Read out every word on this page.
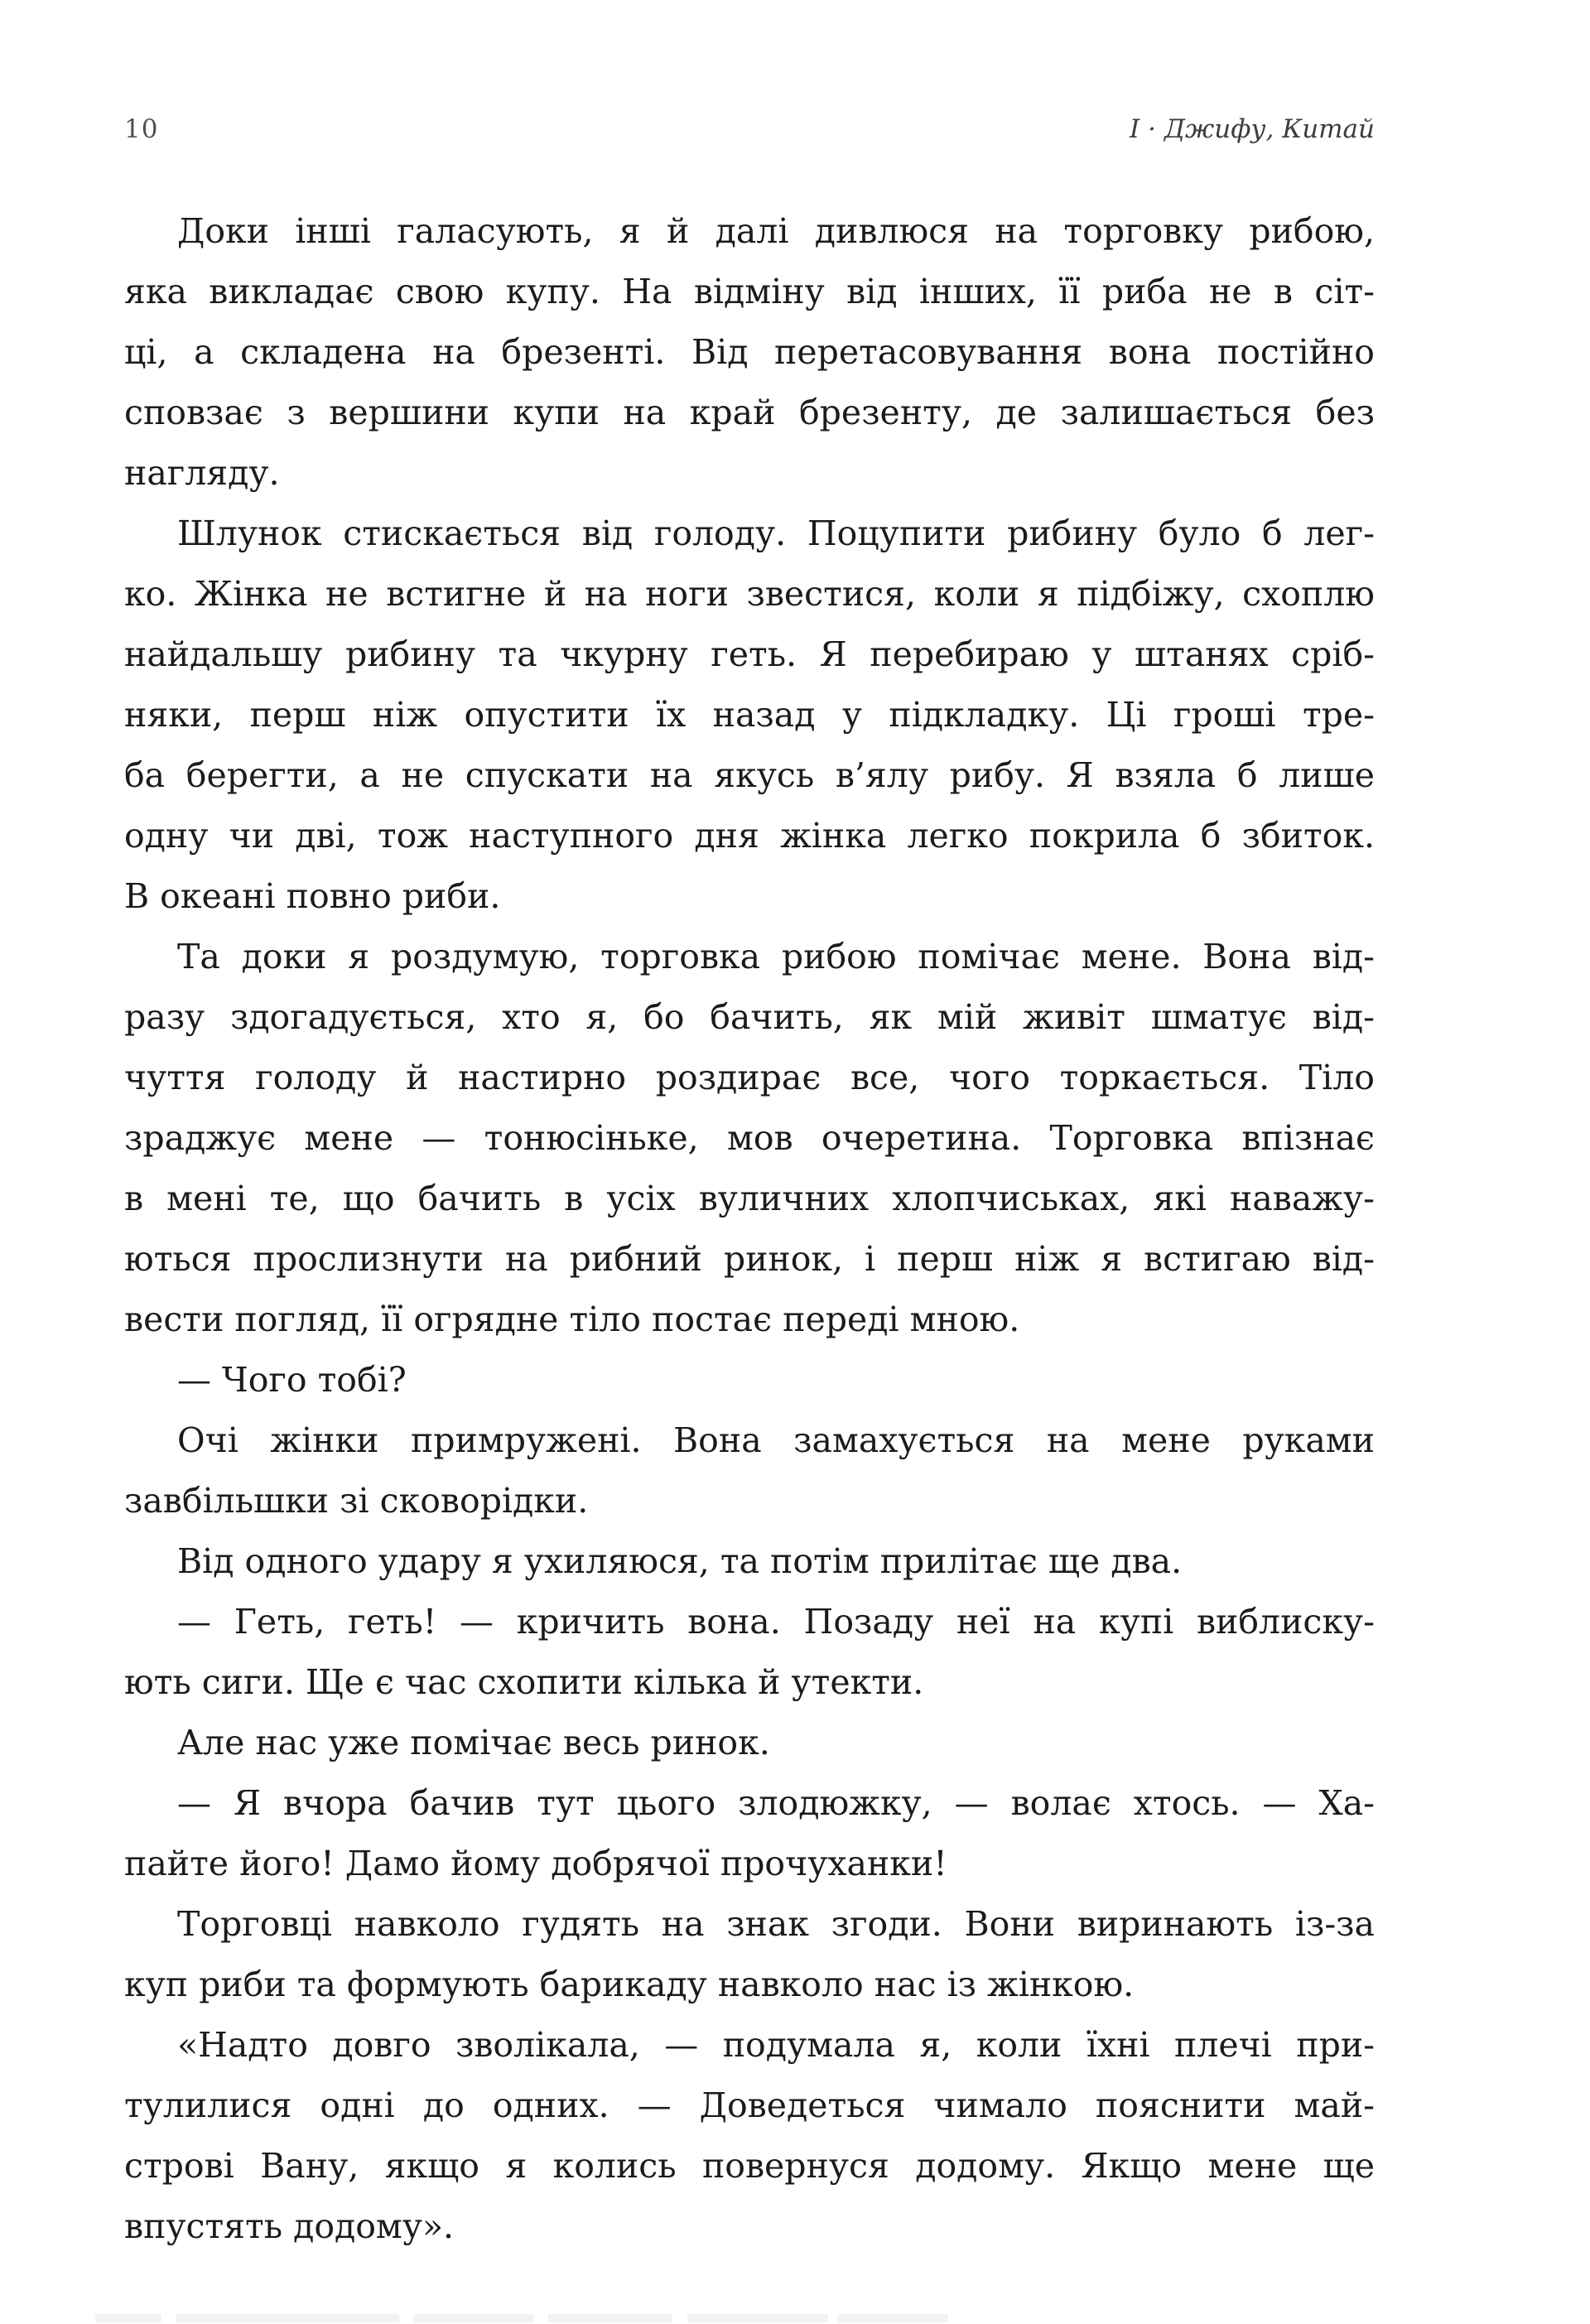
10	І · Джифу, Китай
Доки інші галасують, я й далі дивлюся на торговку рибою,
яка викладає свою купу. На відміну від інших, її риба не в сіт-
ці, а складена на брезенті. Від перетасовування вона постійно
сповзає з вершини купи на край брезенту, де залишається без
нагляду.
Шлунок стискається від голоду. Поцупити рибину було б лег-
ко. Жінка не встигне й на ноги звестися, коли я підбіжу, схоплю
найдальшу рибину та чкурну геть. Я перебираю у штанях сріб-
няки, перш ніж опустити їх назад у підкладку. Ці гроші тре-
ба берегти, а не спускати на якусь в’ялу рибу. Я взяла б лише
одну чи дві, тож наступного дня жінка легко покрила б збиток.
В океані повно риби.
Та доки я роздумую, торговка рибою помічає мене. Вона від-
разу здогадується, хто я, бо бачить, як мій живіт шматує від-
чуття голоду й настирно роздирає все, чого торкається. Тіло
зраджує мене — тонюсіньке, мов очеретина. Торговка впізнає
в мені те, що бачить в усіх вуличних хлопчиськах, які наважу-
ються прослизнути на рибний ринок, і перш ніж я встигаю від-
вести погляд, її огрядне тіло постає переді мною.
— Чого тобі?
Очі жінки примружені. Вона замахується на мене руками
завбільшки зі сковорідки.
Від одного удару я ухиляюся, та потім прилітає ще два.
— Геть, геть! — кричить вона. Позаду неї на купі виблиску-
ють сиги. Ще є час схопити кілька й утекти.
Але нас уже помічає весь ринок.
— Я вчора бачив тут цього злодюжку, — волає хтось. — Ха-
пайте його! Дамо йому добрячої прочуханки!
Торговці навколо гудять на знак згоди. Вони виринають із-за
куп риби та формують барикаду навколо нас із жінкою.
«Надто довго зволікала, — подумала я, коли їхні плечі при-
тулилися одні до одних. — Доведеться чимало пояснити май-
строві Вану, якщо я колись повернуся додому. Якщо мене ще
впустять додому».
